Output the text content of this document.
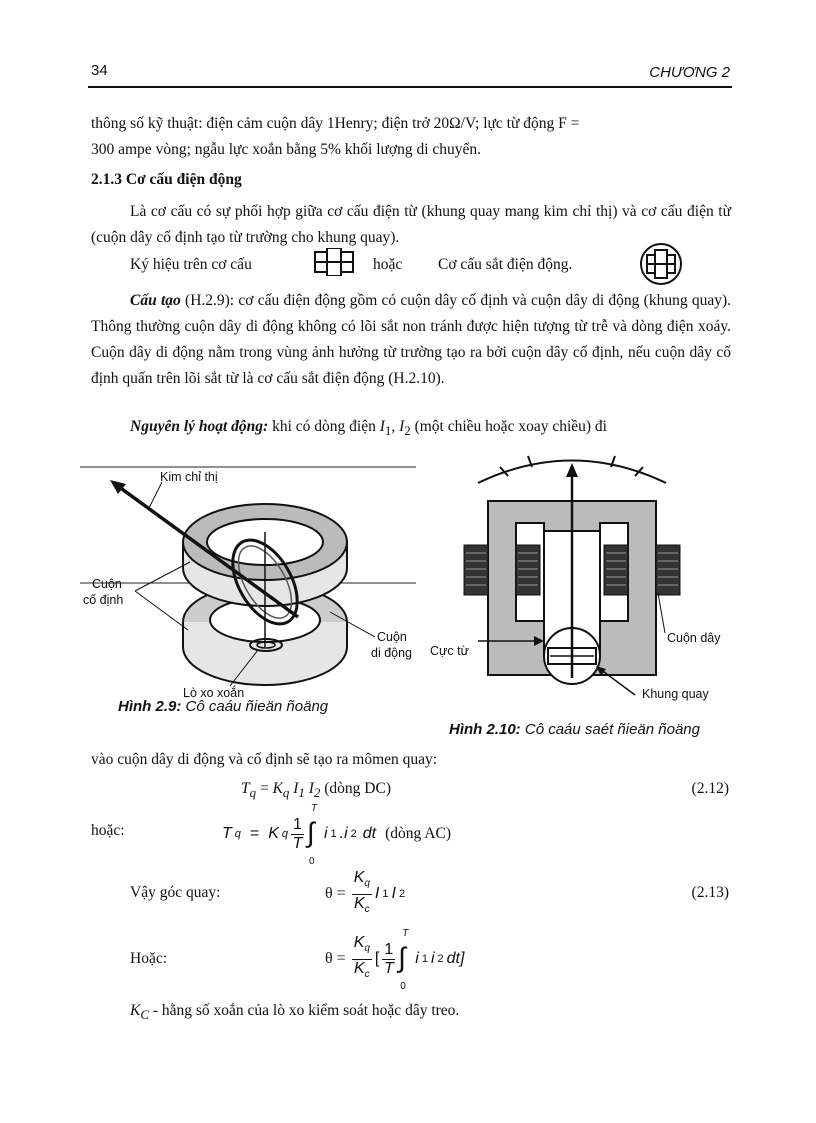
34	CHƯƠNG 2
thông số kỹ thuật: điện cảm cuộn dây 1Henry; điện trở 20Ω/V; lực từ động F =
300 ampe vòng; ngẫu lực xoắn bằng 5% khối lượng di chuyển.
2.1.3 Cơ cấu điện động
Là cơ cấu có sự phối hợp giữa cơ cấu điện từ (khung quay mang kim chỉ thị) và cơ cấu điện từ (cuộn dây cố định tạo từ trường cho khung quay).
Ký hiệu trên cơ cấu	hoặc Cơ cấu sắt điện động.
Cấu tạo (H.2.9): cơ cấu điện động gồm có cuộn dây cố định và cuộn dây di động (khung quay). Thông thường cuộn dây di động không có lõi sắt non tránh được hiện tượng từ trễ và dòng điện xoáy. Cuộn dây di động nằm trong vùng ảnh hưởng từ trường tạo ra bởi cuộn dây cố định, nếu cuộn dây cố định quấn trên lõi sắt từ là cơ cấu sắt điện động (H.2.10).
Nguyên lý hoạt động: khi có dòng điện $I_1$, $I_2$ (một chiều hoặc xoay chiều) đi
Kim chỉ thị
Cuộn
cố định
Cuộn
di động
Lò xo xoắn
Hình 2.9: Cô caáu ñieän ñoäng
Cực từ
Cuộn dây
Khung quay
Hình 2.10: Cô caáu saét ñieän ñoäng
vào cuộn dây di động và cố định sẽ tạo ra mômen quay:
$T_q = K_q$ $I_1$ $I_2$ (dòng DC)	(2.12)
hoặc:	T q = K q $\frac{1}{T}$
T
∫
0
i 1 .i 2 dt (dòng AC)
Vậy góc quay:	$\theta = \frac{K_q}{K_c}$ I 1 I 2	(2.13)
Hoặc:	$\theta = \frac{K_q}{K_c}$ [ $\frac{1}{T}$
T
∫
0
i 1 i 2 dt]
$K_C$ - hằng số xoắn của lò xo kiểm soát hoặc dây treo.
